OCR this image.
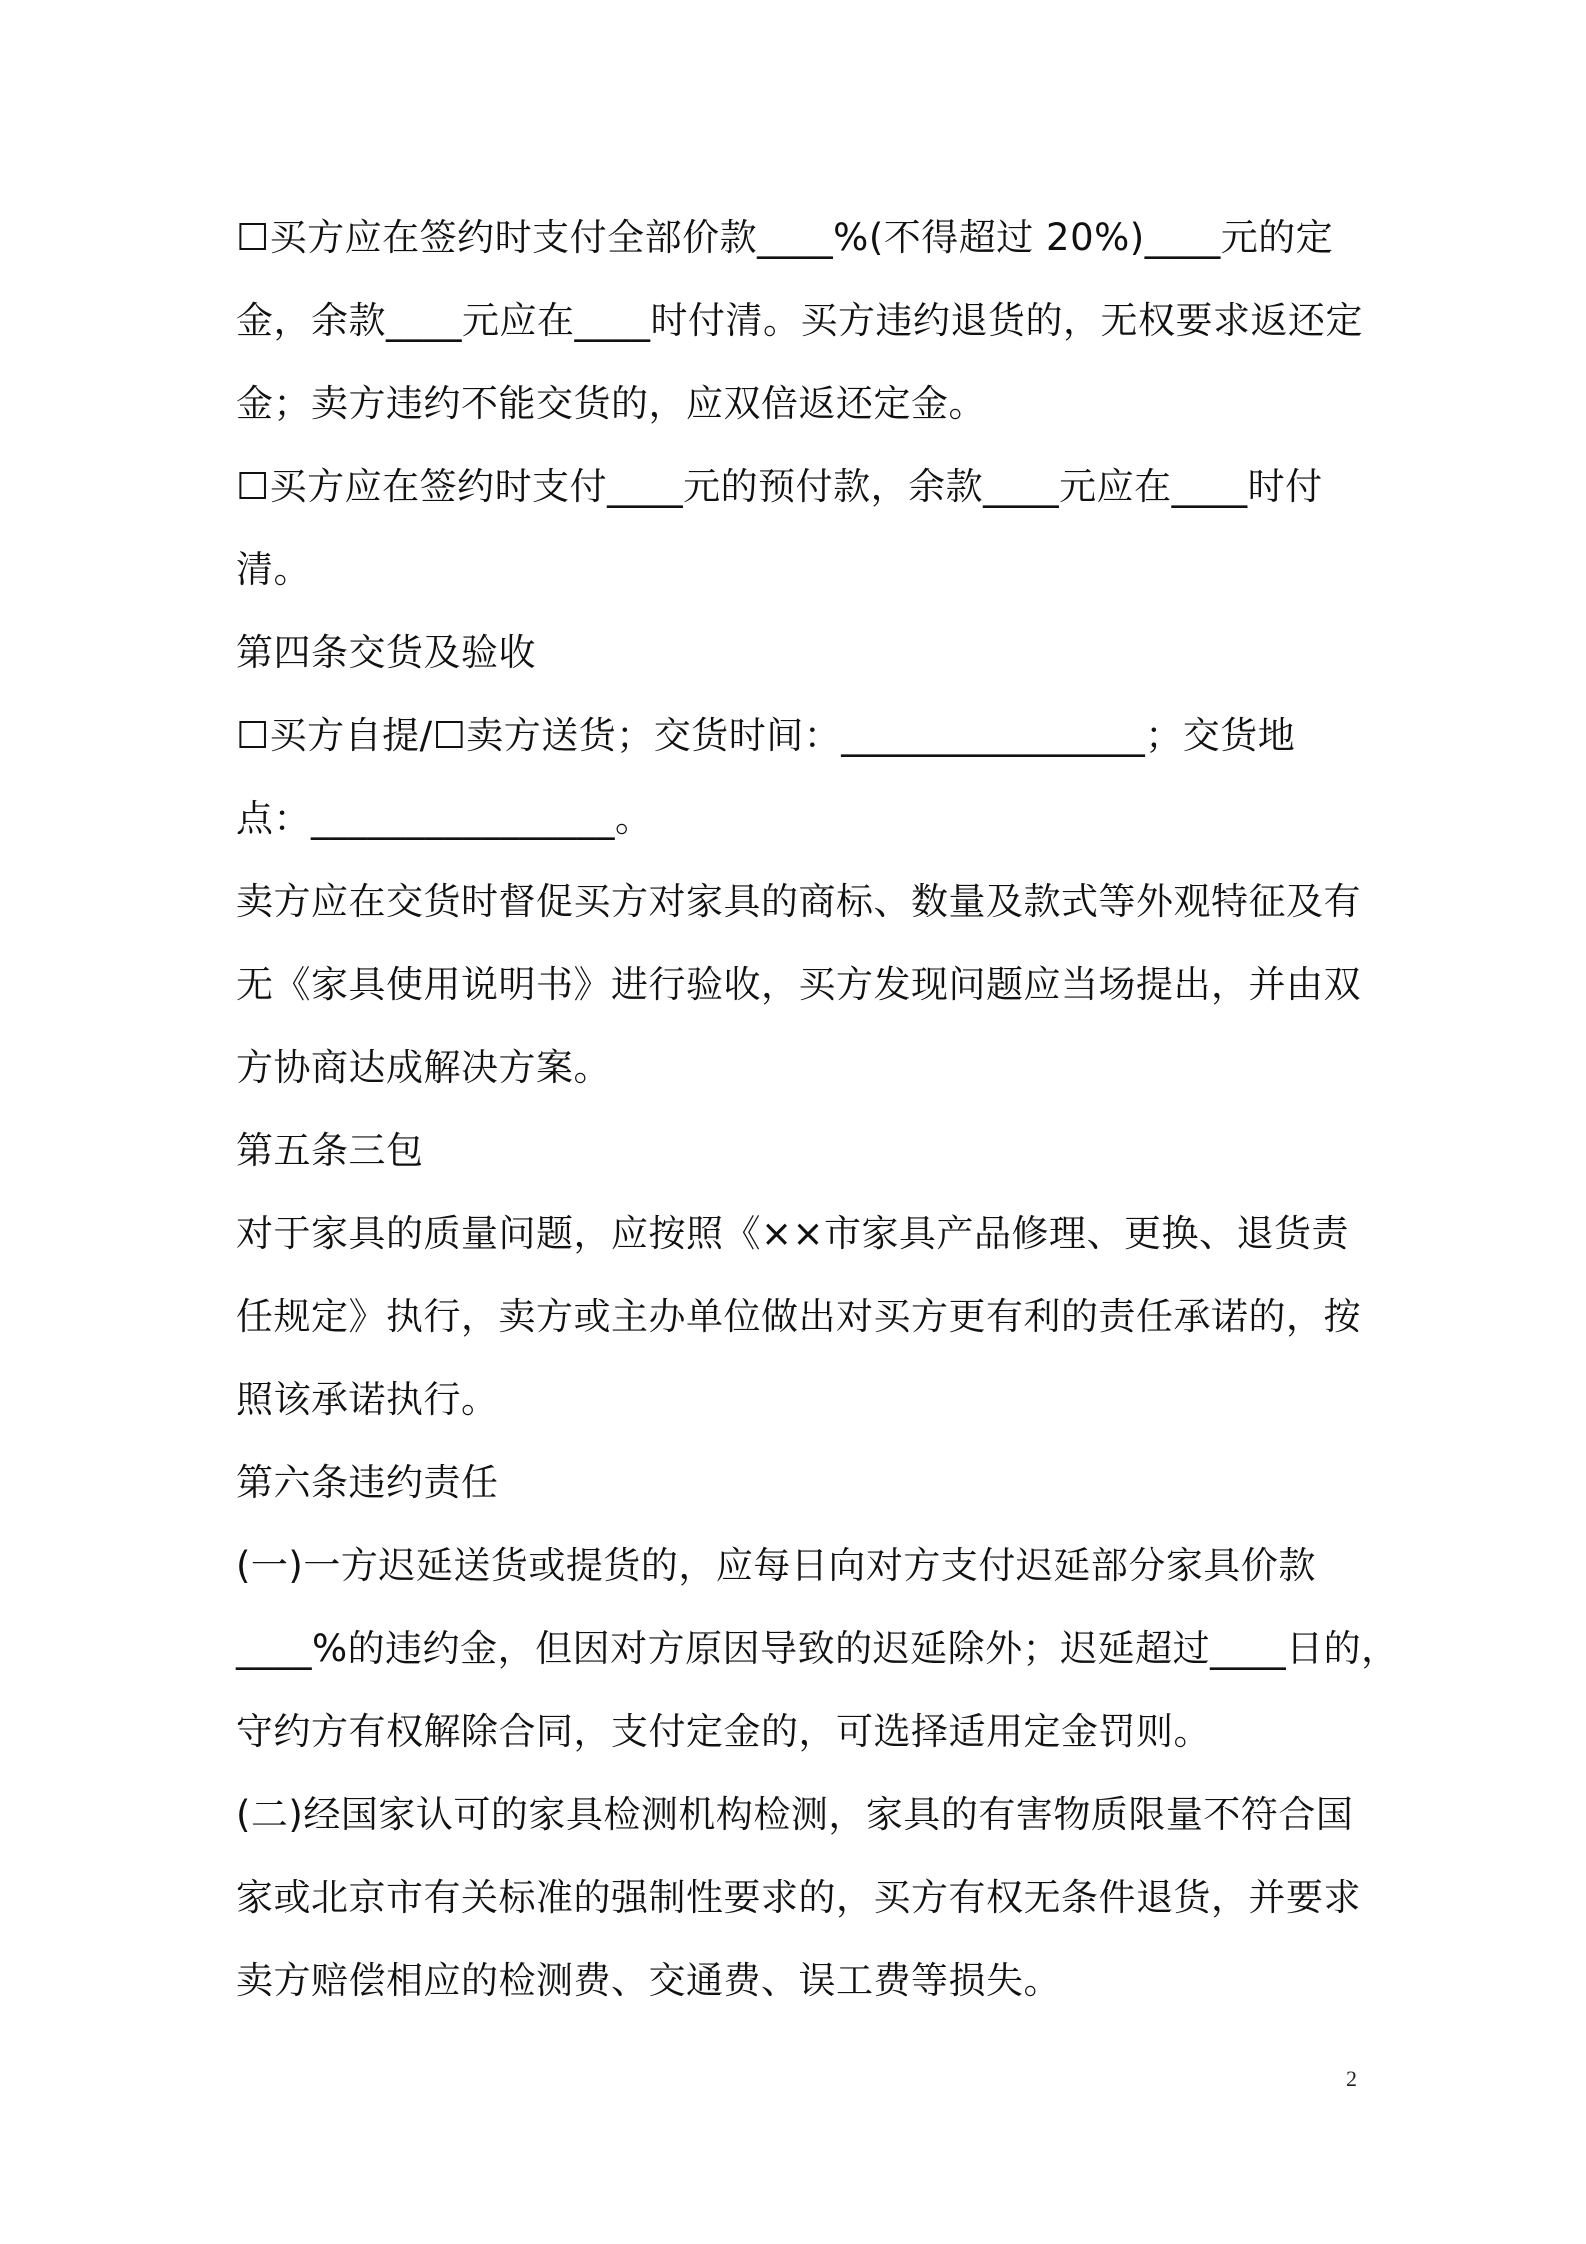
☐买方应在签约时支付全部价款____%(不得超过 20%)____元的定
金，余款____元应在____时付清。买方违约退货的，无权要求返还定
金；卖方违约不能交货的，应双倍返还定金。
☐买方应在签约时支付____元的预付款，余款____元应在____时付
清。
第四条交货及验收
☐买方自提/☐卖方送货；交货时间：________________；交货地
点：________________。
卖方应在交货时督促买方对家具的商标、数量及款式等外观特征及有
无《家具使用说明书》进行验收，买方发现问题应当场提出，并由双
方协商达成解决方案。
第五条三包
对于家具的质量问题，应按照《××市家具产品修理、更换、退货责
任规定》执行，卖方或主办单位做出对买方更有利的责任承诺的，按
照该承诺执行。
第六条违约责任
(一)一方迟延送货或提货的，应每日向对方支付迟延部分家具价款
____%的违约金，但因对方原因导致的迟延除外；迟延超过____日的，
守约方有权解除合同，支付定金的，可选择适用定金罚则。
(二)经国家认可的家具检测机构检测，家具的有害物质限量不符合国
家或北京市有关标准的强制性要求的，买方有权无条件退货，并要求
卖方赔偿相应的检测费、交通费、误工费等损失。
2
